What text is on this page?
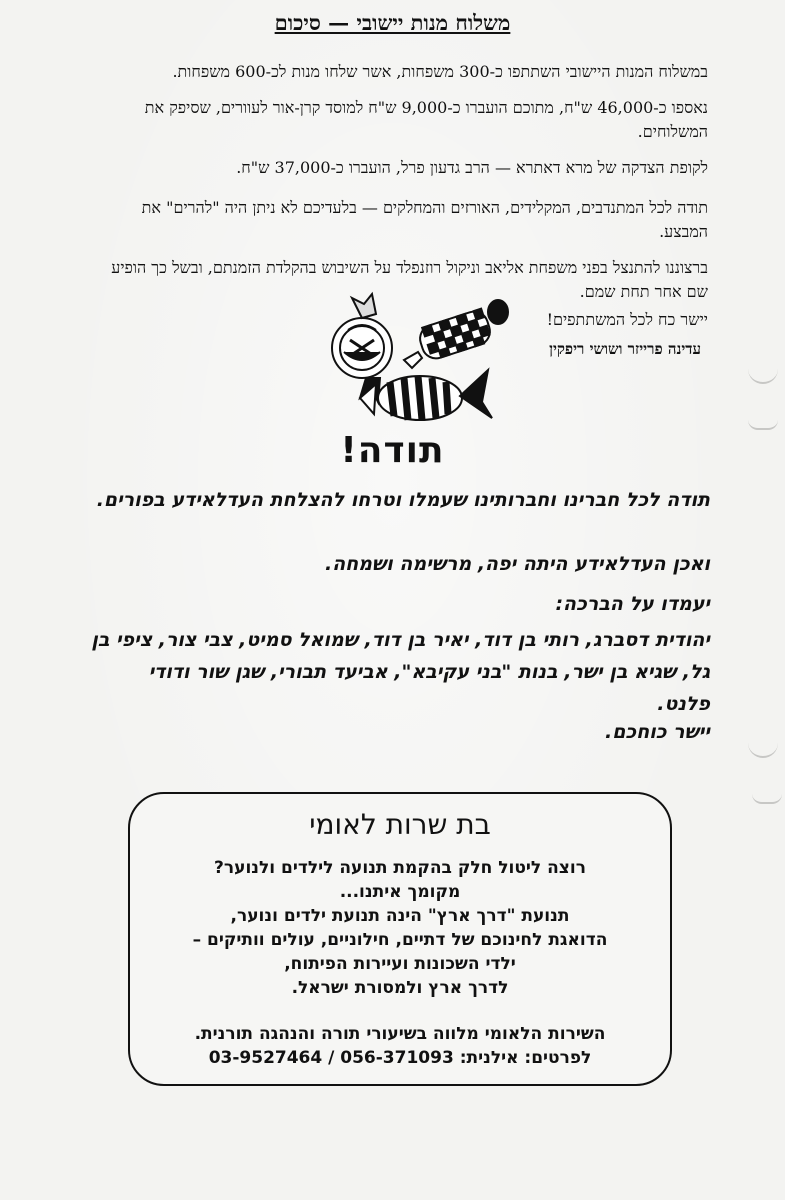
משלוח מנות יישובי — סיכום
במשלוח המנות היישובי השתתפו כ-300 משפחות, אשר שלחו מנות לכ-600 משפחות.
נאספו כ-46,000 ש"ח, מתוכם הועברו כ-9,000 ש"ח למוסד קרן-אור לעוורים, שסיפק את המשלוחים.
לקופת הצדקה של מרא דאתרא — הרב גדעון פרל, הועברו כ-37,000 ש"ח.
תודה לכל המתנדבים, המקלידים, האורזים והמחלקים — בלעדיכם לא ניתן היה "להרים" את המבצע.
ברצוננו להתנצל בפני משפחת אליאב וניקול רוזנפלד על השיבוש בהקלדת הזמנתם, ובשל כך הופיע שם אחר תחת שמם.
יישר כח לכל המשתתפים!
עדינה פרייזר ושושי ריפקין
תודה!
תודה לכל חברינו וחברותינו שעמלו וטרחו להצלחת העדלאידע בפורים.
ואכן העדלאידע היתה יפה, מרשימה ושמחה.
יעמדו על הברכה:
יהודית דסברג, רותי בן דוד, יאיר בן דוד, שמואל סמיט, צבי צור, ציפי בן גל, שגיא בן ישר, בנות "בני עקיבא", אביעד תבורי, שגן שור ודודי פלנט.
יישר כוחכם.
בת שרות לאומי
רוצה ליטול חלק בהקמת תנועה לילדים ולנוער?
מקומך איתנו...
תנועת "דרך ארץ" הינה תנועת ילדים ונוער,
הדואגת לחינוכם של דתיים, חילוניים, עולים וותיקים –
ילדי השכונות ועיירות הפיתוח,
לדרך ארץ ולמסורת ישראל.
השירות הלאומי מלווה בשיעורי תורה והנהגה תורנית.
לפרטים: אילנית: 056-371093 / 03-9527464
